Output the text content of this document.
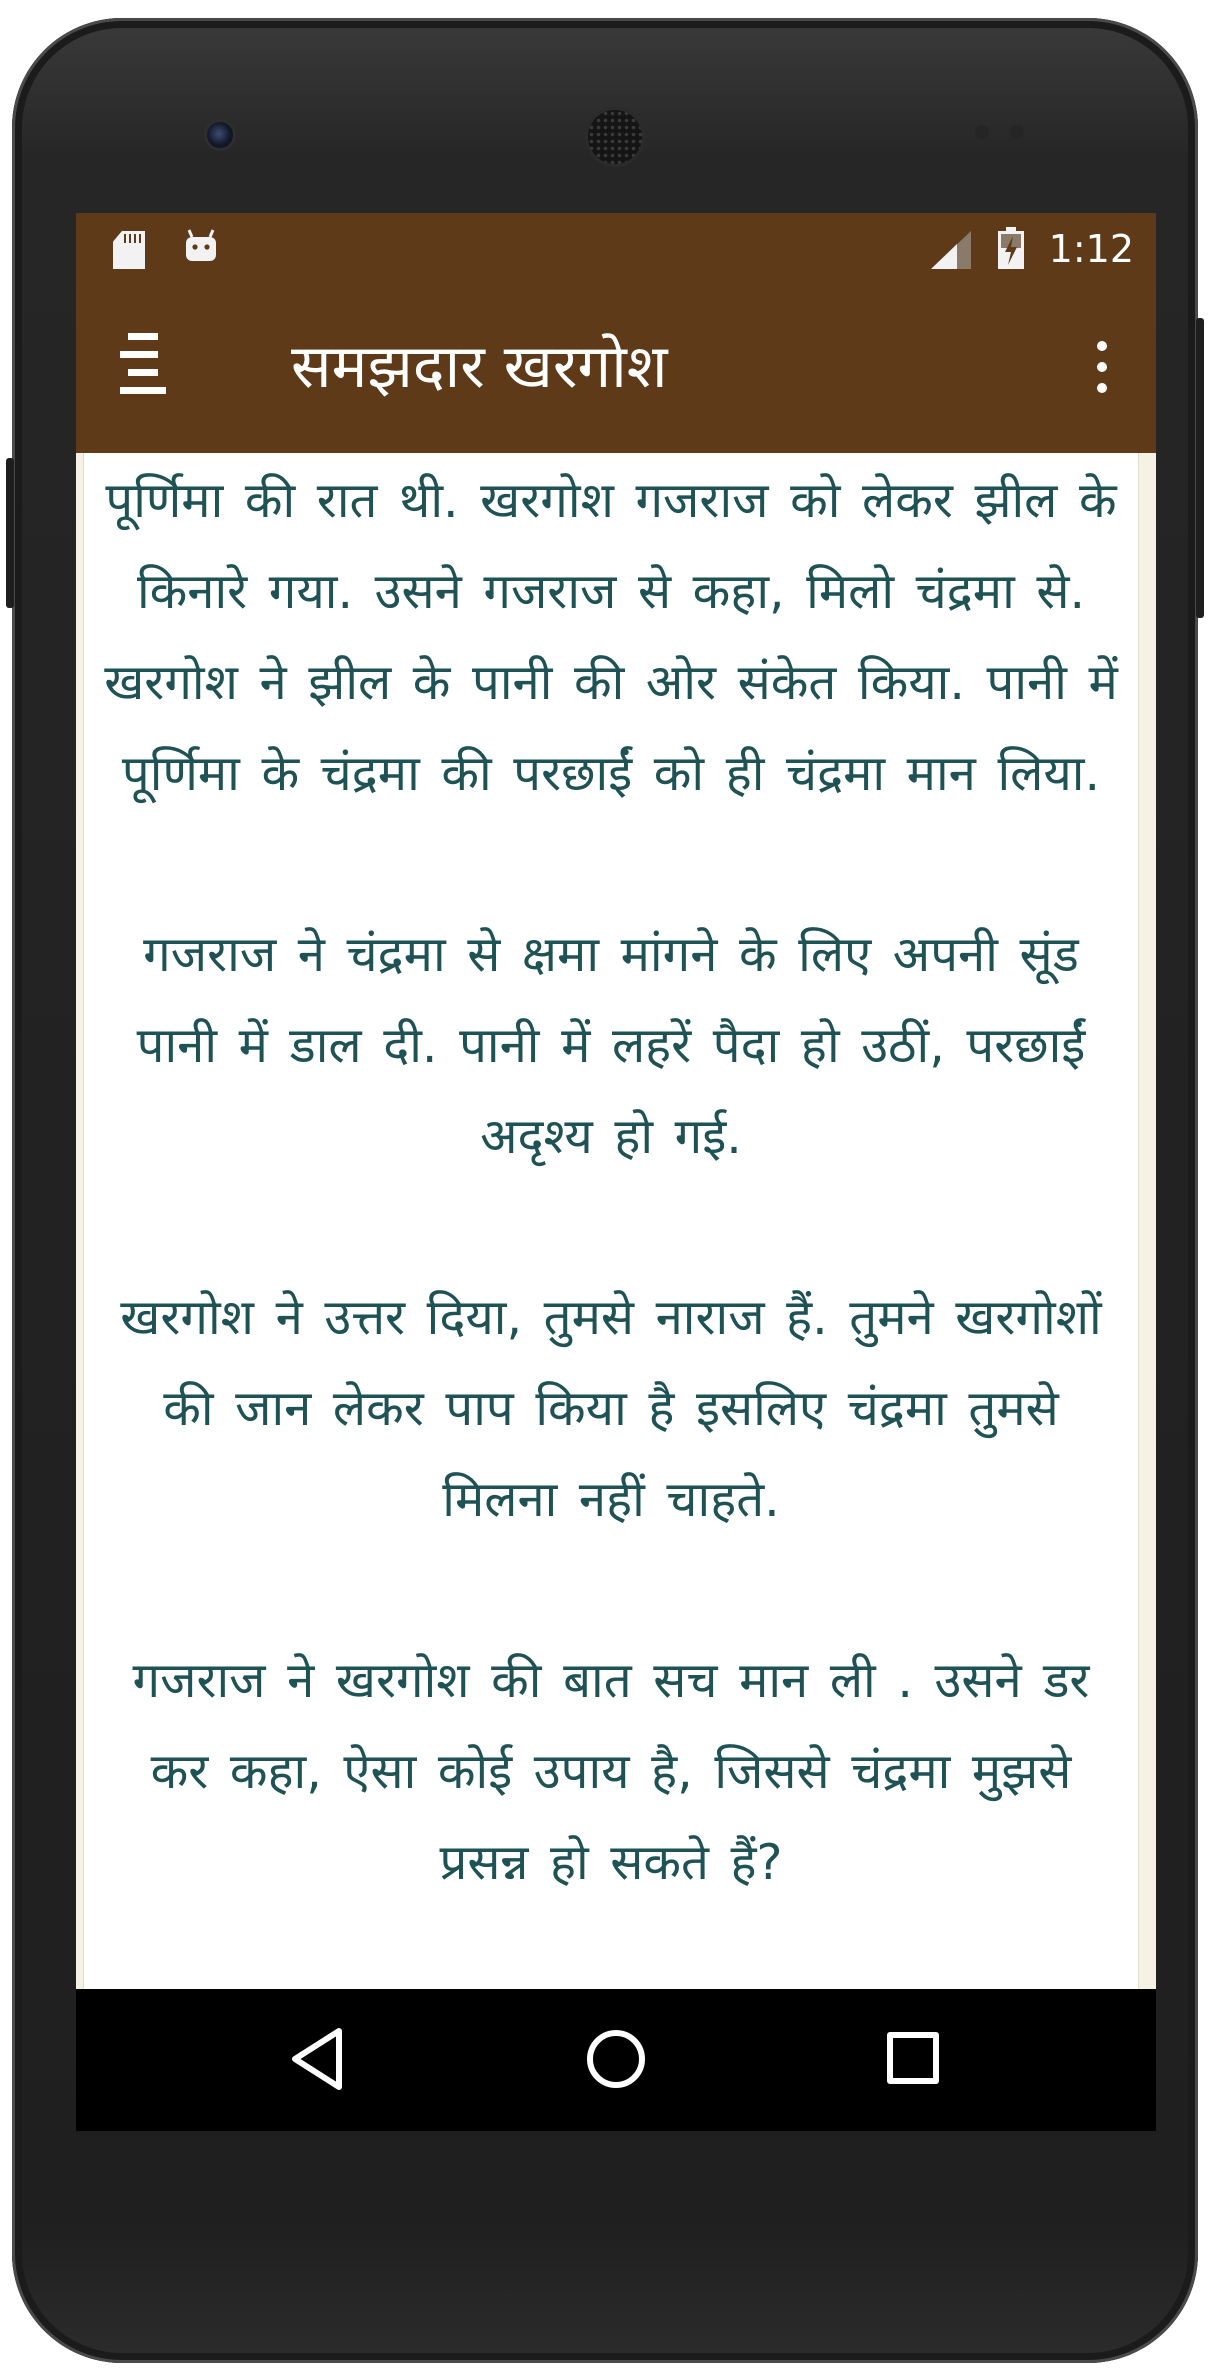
1:12
समझदार खरगोश

पूर्णिमा की रात थी. खरगोश गजराज को लेकर झील के किनारे गया. उसने गजराज से कहा, मिलो चंद्रमा से. खरगोश ने झील के पानी की ओर संकेत किया. पानी में पूर्णिमा के चंद्रमा की परछाईं को ही चंद्रमा मान लिया.

गजराज ने चंद्रमा से क्षमा मांगने के लिए अपनी सूंड पानी में डाल दी. पानी में लहरें पैदा हो उठीं, परछाईं अदृश्य हो गई.

खरगोश ने उत्तर दिया, तुमसे नाराज हैं. तुमने खरगोशों की जान लेकर पाप किया है इसलिए चंद्रमा तुमसे मिलना नहीं चाहते.

गजराज ने खरगोश की बात सच मान ली . उसने डर कर कहा, ऐसा कोई उपाय है, जिससे चंद्रमा मुझसे प्रसन्न हो सकते हैं?
